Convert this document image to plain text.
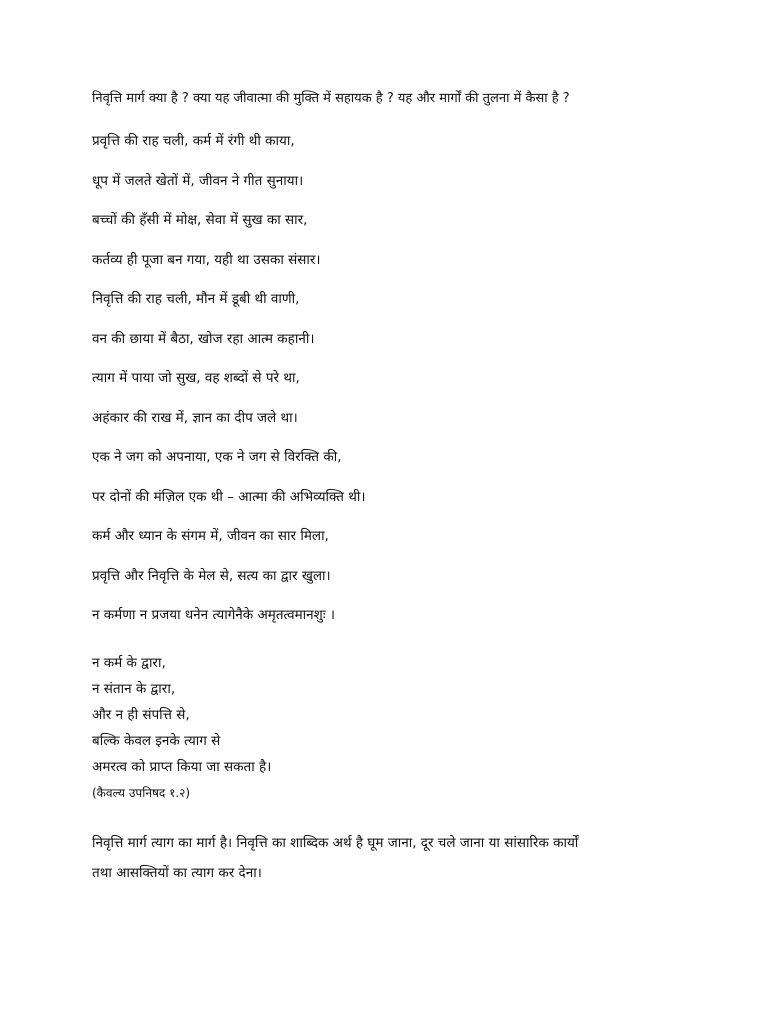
निवृत्ति मार्ग क्या है ? क्या यह जीवात्मा की मुक्ति में सहायक है ? यह और मार्गों की तुलना में कैसा है ?

प्रवृत्ति की राह चली, कर्म में रंगी थी काया,

धूप में जलते खेतों में, जीवन ने गीत सुनाया।

बच्चों की हँसी में मोक्ष, सेवा में सुख का सार,

कर्तव्य ही पूजा बन गया, यही था उसका संसार।

निवृत्ति की राह चली, मौन में डूबी थी वाणी,

वन की छाया में बैठा, खोज रहा आत्म कहानी।

त्याग में पाया जो सुख, वह शब्दों से परे था,

अहंकार की राख में, ज्ञान का दीप जले था।

एक ने जग को अपनाया, एक ने जग से विरक्ति की,

पर दोनों की मंज़िल एक थी – आत्मा की अभिव्यक्ति थी।

कर्म और ध्यान के संगम में, जीवन का सार मिला,

प्रवृत्ति और निवृत्ति के मेल से, सत्य का द्वार खुला।

न कर्मणा न प्रजया धनेन त्यागेनैके अमृतत्वमानशुः ।

न कर्म के द्वारा,

न संतान के द्वारा,

और न ही संपत्ति से,

बल्कि केवल इनके त्याग से

अमरत्व को प्राप्त किया जा सकता है।

(कैवल्य उपनिषद १.२)

निवृत्ति मार्ग त्याग का मार्ग है। निवृत्ति का शाब्दिक अर्थ है घूम जाना, दूर चले जाना या सांसारिक कार्यों

तथा आसक्तियों का त्याग कर देना।
